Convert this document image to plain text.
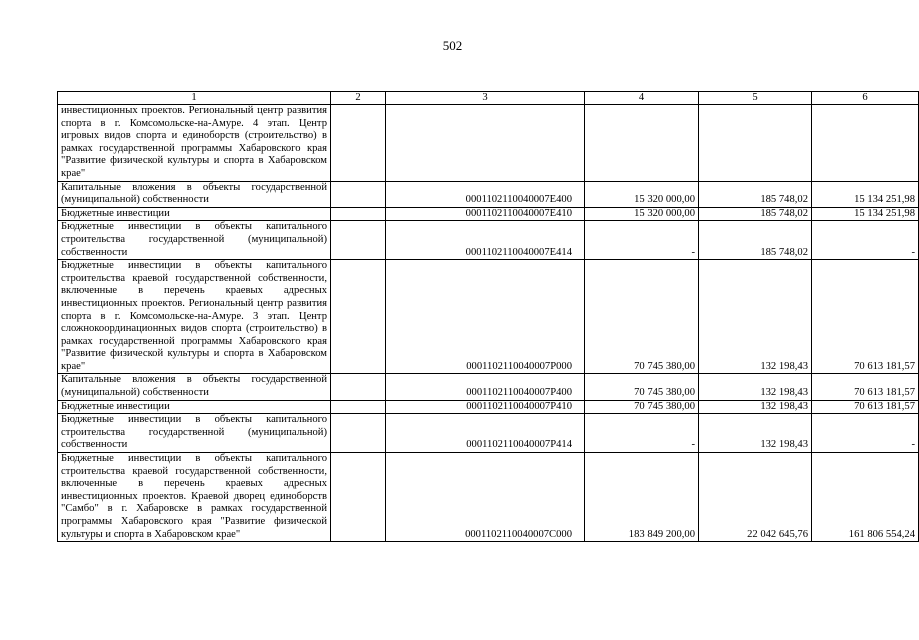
502
1	2	3	4	5	6
инвестиционных проектов. Региональный центр развития спорта в г. Комсомольске-на-Амуре. 4 этап. Центр игровых видов спорта и единоборств (строительство) в рамках государственной программы Хабаровского края "Развитие физической культуры и спорта в Хабаровском крае"					
Капитальные вложения в объекты государственной (муниципальной) собственности		0001102110040007E400	15 320 000,00	185 748,02	15 134 251,98
Бюджетные инвестиции		0001102110040007E410	15 320 000,00	185 748,02	15 134 251,98
Бюджетные инвестиции в объекты капитального строительства государственной (муниципальной) собственности		0001102110040007E414	-	185 748,02	-
Бюджетные инвестиции в объекты капитального строительства краевой государственной собственности, включенные в перечень краевых адресных инвестиционных проектов. Региональный центр развития спорта в г. Комсомольске-на-Амуре. 3 этап. Центр сложнокоординационных видов спорта (строительство) в рамках государственной программы Хабаровского края "Развитие физической культуры и спорта в Хабаровском крае"		0001102110040007P000	70 745 380,00	132 198,43	70 613 181,57
Капитальные вложения в объекты государственной (муниципальной) собственности		0001102110040007P400	70 745 380,00	132 198,43	70 613 181,57
Бюджетные инвестиции		0001102110040007P410	70 745 380,00	132 198,43	70 613 181,57
Бюджетные инвестиции в объекты капитального строительства государственной (муниципальной) собственности		0001102110040007P414	-	132 198,43	-
Бюджетные инвестиции в объекты капитального строительства краевой государственной собственности, включенные в перечень краевых адресных инвестиционных проектов. Краевой дворец единоборств "Самбо" в г. Хабаровске в рамках государственной программы Хабаровского края "Развитие физической культуры и спорта в Хабаровском крае"		0001102110040007C000	183 849 200,00	22 042 645,76	161 806 554,24
